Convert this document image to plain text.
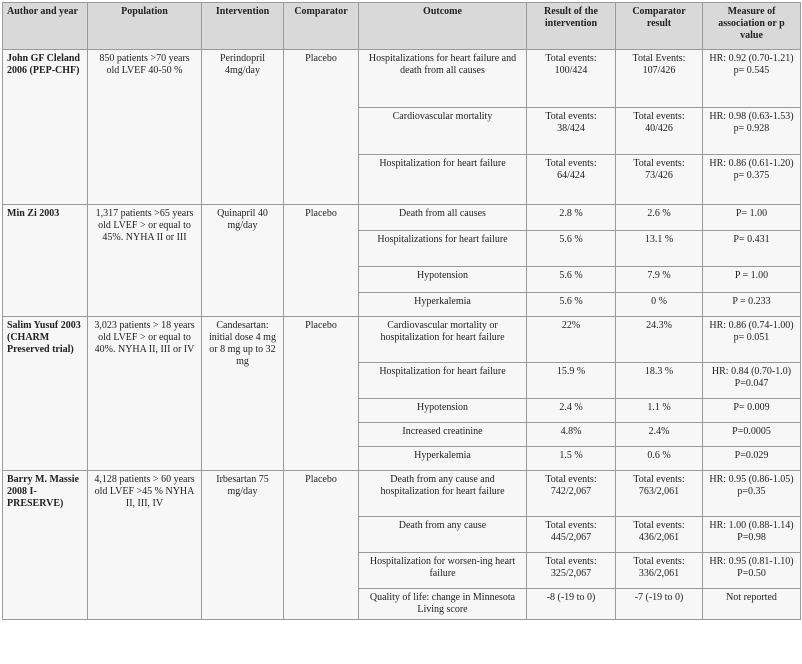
Author and year	Population	Intervention	Comparator	Outcome	Result of the intervention	Comparator result	Measure of association or p value
John GF Cleland 2006 (PEP-CHF)	850 patients >70 years old LVEF 40-50 %	Perindopril 4mg/day	Placebo	Hospitalizations for heart failure and death from all causes	Total events: 100/424	Total Events: 107/426	HR: 0.92 (0.70-1.21) p= 0.545
				Cardiovascular mortality	Total events: 38/424	Total events: 40/426	HR: 0.98 (0.63-1.53) p= 0.928
				Hospitalization for heart failure	Total events: 64/424	Total events: 73/426	HR: 0.86 (0.61-1.20) p= 0.375
Min Zi 2003	1,317 patients >65 years old LVEF > or equal to 45%. NYHA II or III	Quinapril 40 mg/day	Placebo	Death from all causes	2.8 %	2.6 %	P= 1.00
				Hospitalizations for heart failure	5.6 %	13.1 %	P= 0.431
				Hypotension	5.6 %	7.9 %	P = 1.00
				Hyperkalemia	5.6 %	0 %	P = 0.233
Salim Yusuf 2003 (CHARM Preserved trial)	3,023 patients > 18 years old LVEF > or equal to 40%. NYHA II, III or IV	Candesartan: initial dose 4 mg or 8 mg up to 32 mg	Placebo	Cardiovascular mortality or hospitalization for heart failure	22%	24.3%	HR: 0.86 (0.74-1.00) p= 0.051
				Hospitalization for heart failure	15.9 %	18.3 %	HR: 0.84 (0.70-1.0) P=0.047
				Hypotension	2.4 %	1.1 %	P= 0.009
				Increased creatinine	4.8%	2.4%	P=0.0005
				Hyperkalemia	1.5 %	0.6 %	P=0.029
Barry M. Massie 2008 I-PRESERVE)	4,128 patients > 60 years old LVEF >45 % NYHA II, III, IV	Irbesartan 75 mg/day	Placebo	Death from any cause and hospitalization for heart failure	Total events: 742/2,067	Total events: 763/2,061	HR: 0.95 (0.86-1.05) p=0.35
				Death from any cause	Total events: 445/2,067	Total events: 436/2,061	HR: 1.00 (0.88-1.14) P=0.98
				Hospitalization for worsen-ing heart failure	Total events: 325/2,067	Total events: 336/2,061	HR: 0.95 (0.81-1.10) P=0.50
				Quality of life: change in Minnesota Living score	-8 (-19 to 0)	-7 (-19 to 0)	Not reported
